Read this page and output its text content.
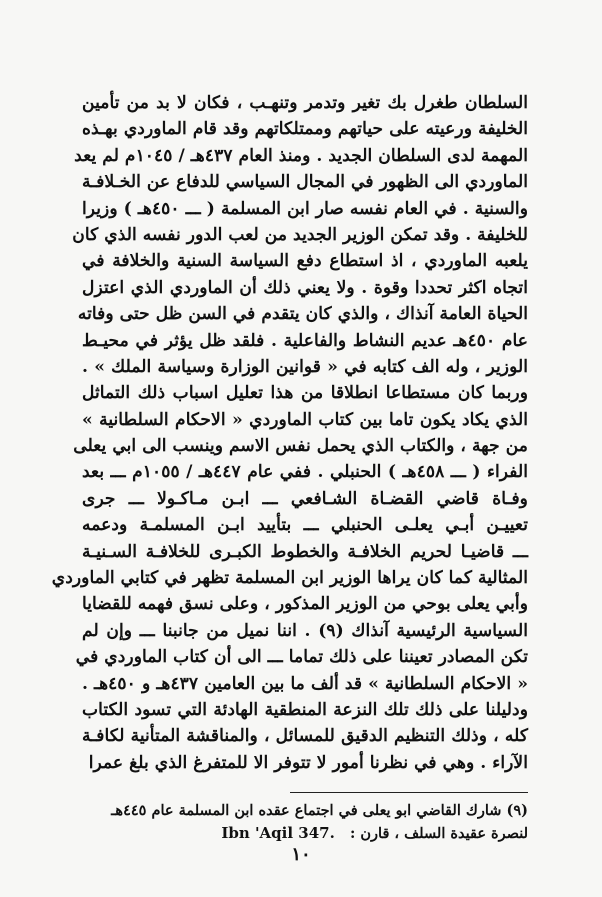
السلطان طغرل بك تغير وتدمر وتنهـب ، فكان لا بد من تأمين
الخليفة ورعيته على حياتهم وممتلكاتهم وقد قام الماوردي بهـذه
المهمة لدى السلطان الجديد . ومنذ العام ٤٣٧هـ / ١٠٤٥م لم يعد
الماوردي الى الظهور في المجال السياسي للدفاع عن الخـلافـة
والسنية . في العام نفسه صار ابن المسلمة ( ـــ ٤٥٠هـ ) وزيرا
للخليفة . وقد تمكن الوزير الجديد من لعب الدور نفسه الذي كان
يلعبه الماوردي ، اذ استطاع دفع السياسة السنية والخلافة في
اتجاه اكثر تحددا وقوة . ولا يعني ذلك أن الماوردي الذي اعتزل
الحياة العامة آنذاك ، والذي كان يتقدم في السن ظل حتى وفاته
عام ٤٥٠هـ عديم النشاط والفاعلية . فلقد ظل يؤثر في محيـط
الوزير ، وله الف كتابه في « قوانين الوزارة وسياسة الملك » .
وربما كان مستطاعا انطلاقا من هذا تعليل اسباب ذلك التماثل
الذي يكاد يكون تاما بين كتاب الماوردي « الاحكام السلطانية »
من جهة ، والكتاب الذي يحمل نفس الاسم وينسب الى ابي يعلى
الفراء ( ـــ ٤٥٨هـ ) الحنبلي . ففي عام ٤٤٧هـ / ١٠٥٥م ـــ بعد
وفـاة قاضي القضـاة الشـافعي ـــ ابـن مـاكـولا ـــ جرى
تعييـن أبـي يعلـى الحنبلي ـــ بتأييد ابـن المسلمـة ودعمه
ـــ قاضيـا لحريم الخلافـة والخطوط الكبـرى للخلافـة السـنيـة
المثالية كما كان يراها الوزير ابن المسلمة تظهر في كتابي الماوردي
وأبي يعلى بوحي من الوزير المذكور ، وعلى نسق فهمه للقضايا
السياسية الرئيسية آنذاك (٩) . اننا نميل من جانبنا ـــ وإن لم
تكن المصادر تعيننا على ذلك تماما ـــ الى أن كتاب الماوردي في
« الاحكام السلطانية » قد ألف ما بين العامين ٤٣٧هـ و ٤٥٠هـ .
ودليلنا على ذلك تلك النزعة المنطقية الهادئة التي تسود الكتاب
كله ، وذلك التنظيم الدقيق للمسائل ، والمناقشة المتأنية لكافـة
الآراء . وهي في نظرنا أمور لا تتوفر الا للمتفرغ الذي بلغ عمرا
(٩) شارك القاضي ابو يعلى في اجتماع عقده ابن المسلمة عام ٤٤٥هـ
لنصرة عقيدة السلف ، قارن :   Ibn 'Aqil 347.
١٠
